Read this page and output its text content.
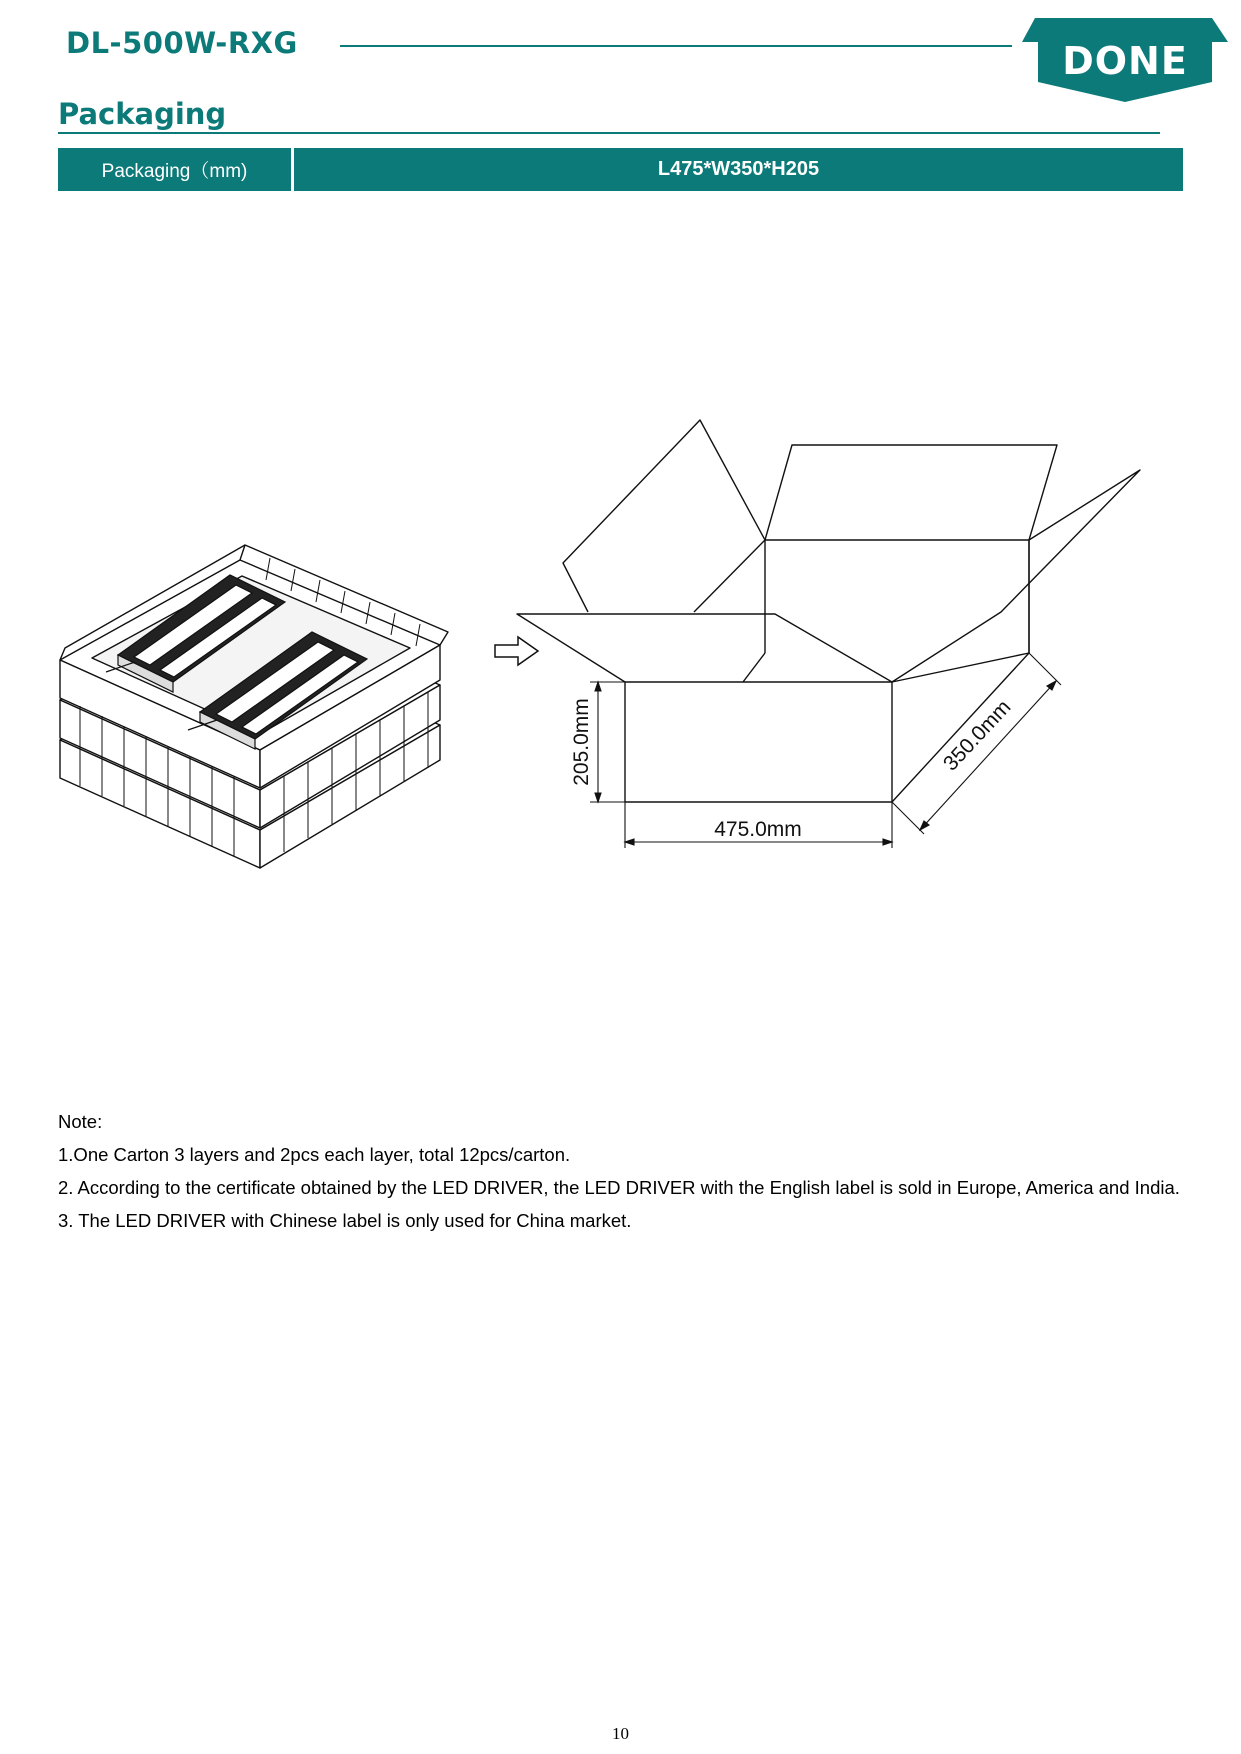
DL-500W-RXG	DONE
Packaging
Packaging（mm)	L475*W350*H205
205.0mm
475.0mm
350.0mm
Note:
1.One Carton 3 layers and 2pcs each layer, total 12pcs/carton.
2. According to the certificate obtained by the LED DRIVER, the LED DRIVER with the English label is sold in Europe, America and India.
3. The LED DRIVER with Chinese label is only used for China market.
10
